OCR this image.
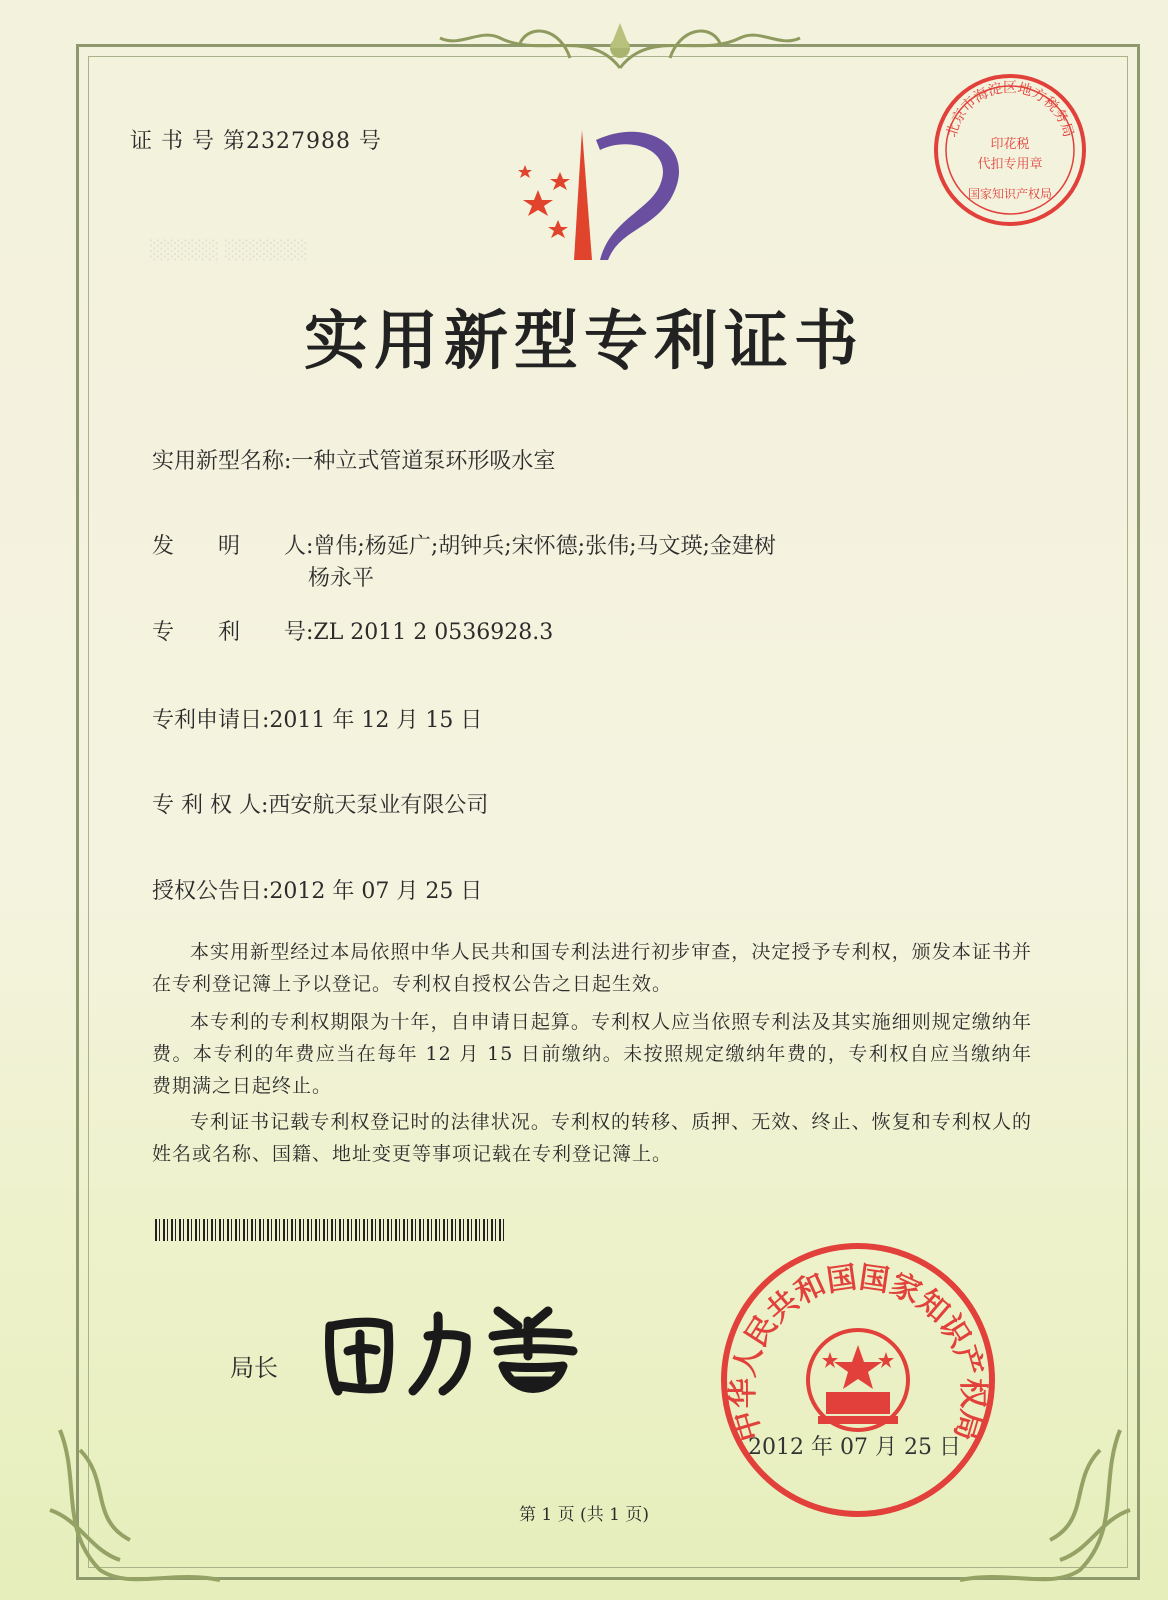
░░░░░ ░░░░░░
证 书 号 第2327988 号	北京市海淀区地方税务局
印花税
代扣专用章
国家知识产权局
实用新型专利证书
实用新型名称:一种立式管道泵环形吸水室
发　　明　　人:曾伟;杨延广;胡钟兵;宋怀德;张伟;马文瑛;金建树
杨永平
专　　利　　号:ZL 2011 2 0536928.3
专利申请日:2011 年 12 月 15 日
专 利 权 人:西安航天泵业有限公司
授权公告日:2012 年 07 月 25 日
本实用新型经过本局依照中华人民共和国专利法进行初步审查，决定授予专利权，颁发本证书并在专利登记簿上予以登记。专利权自授权公告之日起生效。
本专利的专利权期限为十年，自申请日起算。专利权人应当依照专利法及其实施细则规定缴纳年费。本专利的年费应当在每年 12 月 15 日前缴纳。未按照规定缴纳年费的，专利权自应当缴纳年费期满之日起终止。
专利证书记载专利权登记时的法律状况。专利权的转移、质押、无效、终止、恢复和专利权人的姓名或名称、国籍、地址变更等事项记载在专利登记簿上。
局长
中华人民共和国国家知识产权局
2012 年 07 月 25 日
第 1 页 (共 1 页)
